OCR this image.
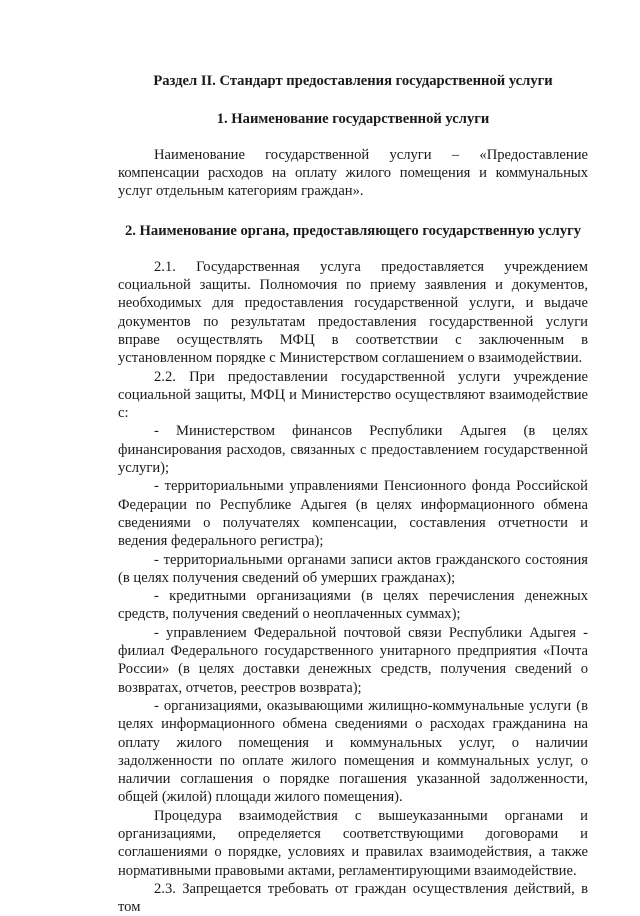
Раздел II. Стандарт предоставления государственной услуги

1. Наименование государственной услуги

Наименование государственной услуги – «Предоставление компенсации расходов на оплату жилого помещения и коммунальных услуг отдельным категориям граждан».

2. Наименование органа, предоставляющего государственную услугу

2.1. Государственная услуга предоставляется учреждением социальной защиты. Полномочия по приему заявления и документов, необходимых для предоставления государственной услуги, и выдаче документов по результатам предоставления государственной услуги вправе осуществлять МФЦ в соответствии с заключенным в установленном порядке с Министерством соглашением о взаимодействии.

2.2. При предоставлении государственной услуги учреждение социальной защиты, МФЦ и Министерство осуществляют взаимодействие с:

- Министерством финансов Республики Адыгея (в целях финансирования расходов, связанных с предоставлением государственной услуги);

- территориальными управлениями Пенсионного фонда Российской Федерации по Республике Адыгея (в целях информационного обмена сведениями о получателях компенсации, составления отчетности и ведения федерального регистра);

- территориальными органами записи актов гражданского состояния (в целях получения сведений об умерших гражданах);

- кредитными организациями (в целях перечисления денежных средств, получения сведений о неоплаченных суммах);

- управлением Федеральной почтовой связи Республики Адыгея - филиал Федерального государственного унитарного предприятия «Почта России» (в целях доставки денежных средств, получения сведений о возвратах, отчетов, реестров возврата);

- организациями, оказывающими жилищно-коммунальные услуги (в целях информационного обмена сведениями о расходах гражданина на оплату жилого помещения и коммунальных услуг, о наличии задолженности по оплате жилого помещения и коммунальных услуг, о наличии соглашения о порядке погашения указанной задолженности, общей (жилой) площади жилого помещения).

Процедура взаимодействия с вышеуказанными органами и организациями, определяется соответствующими договорами и соглашениями о порядке, условиях и правилах взаимодействия, а также нормативными правовыми актами, регламентирующими взаимодействие.

2.3. Запрещается требовать от граждан осуществления действий, в том
